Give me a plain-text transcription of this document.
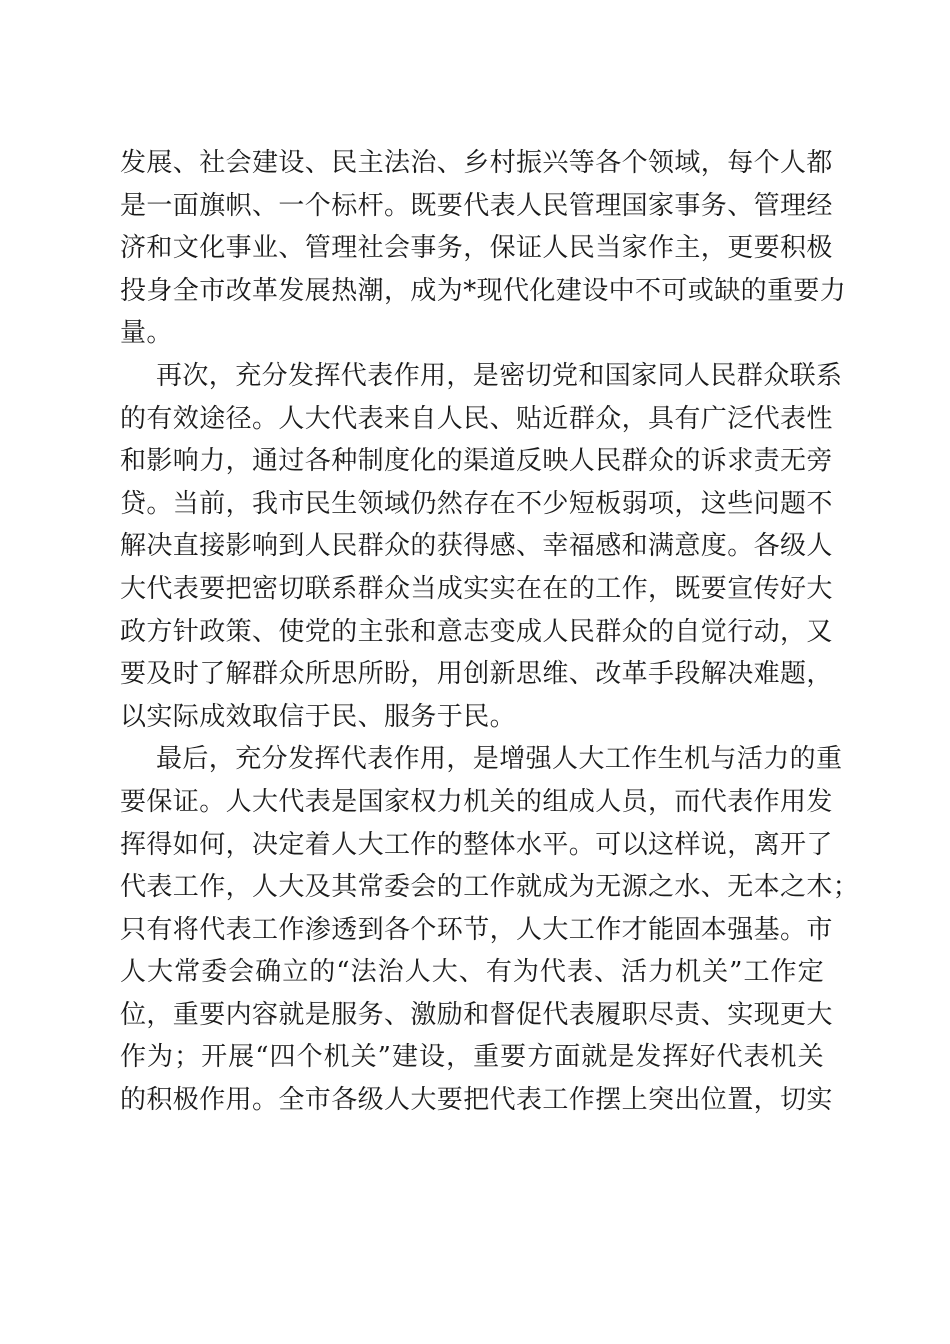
发展、社会建设、民主法治、乡村振兴等各个领域，每个人都
是一面旗帜、一个标杆。既要代表人民管理国家事务、管理经
济和文化事业、管理社会事务，保证人民当家作主，更要积极
投身全市改革发展热潮，成为*现代化建设中不可或缺的重要力
量。
再次，充分发挥代表作用，是密切党和国家同人民群众联系
的有效途径。人大代表来自人民、贴近群众，具有广泛代表性
和影响力，通过各种制度化的渠道反映人民群众的诉求责无旁
贷。当前，我市民生领域仍然存在不少短板弱项，这些问题不
解决直接影响到人民群众的获得感、幸福感和满意度。各级人
大代表要把密切联系群众当成实实在在的工作，既要宣传好大
政方针政策、使党的主张和意志变成人民群众的自觉行动，又
要及时了解群众所思所盼，用创新思维、改革手段解决难题，
以实际成效取信于民、服务于民。
最后，充分发挥代表作用，是增强人大工作生机与活力的重
要保证。人大代表是国家权力机关的组成人员，而代表作用发
挥得如何，决定着人大工作的整体水平。可以这样说，离开了
代表工作，人大及其常委会的工作就成为无源之水、无本之木；
只有将代表工作渗透到各个环节，人大工作才能固本强基。市
人大常委会确立的“法治人大、有为代表、活力机关”工作定
位，重要内容就是服务、激励和督促代表履职尽责、实现更大
作为；开展“四个机关”建设，重要方面就是发挥好代表机关
的积极作用。全市各级人大要把代表工作摆上突出位置，切实
